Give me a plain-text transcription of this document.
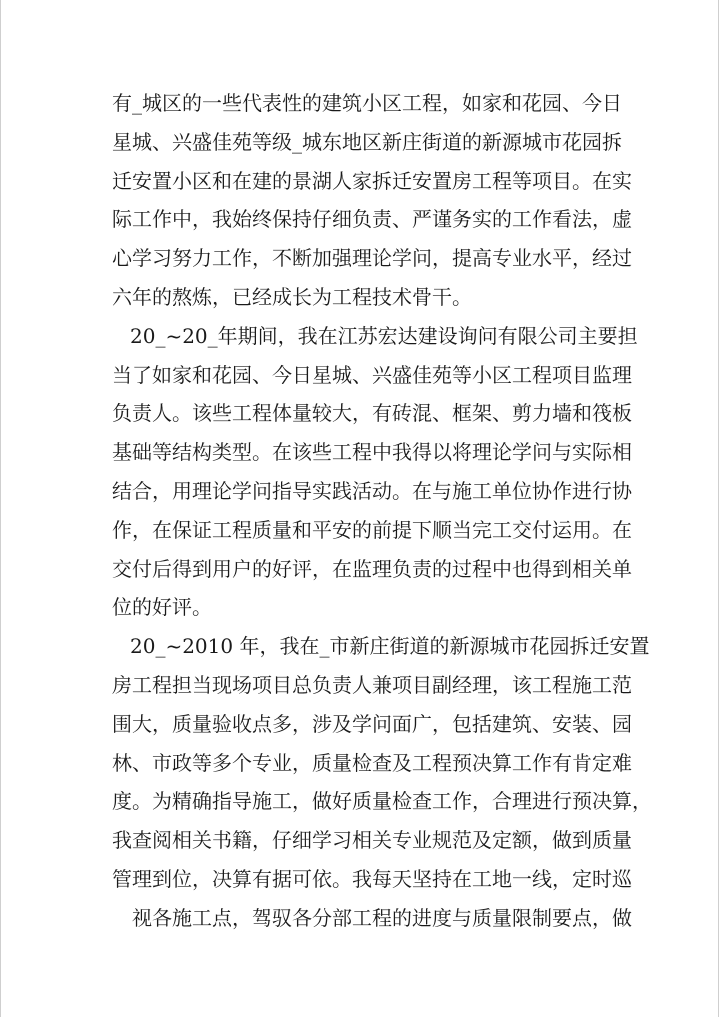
有_城区的一些代表性的建筑小区工程，如家和花园、今日
星城、兴盛佳苑等级_城东地区新庄街道的新源城市花园拆
迁安置小区和在建的景湖人家拆迁安置房工程等项目。在实
际工作中，我始终保持仔细负责、严谨务实的工作看法，虚
心学习努力工作，不断加强理论学问，提高专业水平，经过
六年的熬炼，已经成长为工程技术骨干。
20_~20_年期间，我在江苏宏达建设询问有限公司主要担
当了如家和花园、今日星城、兴盛佳苑等小区工程项目监理
负责人。该些工程体量较大，有砖混、框架、剪力墙和筏板
基础等结构类型。在该些工程中我得以将理论学问与实际相
结合，用理论学问指导实践活动。在与施工单位协作进行协
作，在保证工程质量和平安的前提下顺当完工交付运用。在
交付后得到用户的好评，在监理负责的过程中也得到相关单
位的好评。
20_~2010 年，我在_市新庄街道的新源城市花园拆迁安置
房工程担当现场项目总负责人兼项目副经理，该工程施工范
围大，质量验收点多，涉及学问面广，包括建筑、安装、园
林、市政等多个专业，质量检查及工程预决算工作有肯定难
度。为精确指导施工，做好质量检查工作，合理进行预决算，
我查阅相关书籍，仔细学习相关专业规范及定额，做到质量
管理到位，决算有据可依。我每天坚持在工地一线，定时巡
视各施工点，驾驭各分部工程的进度与质量限制要点，做
